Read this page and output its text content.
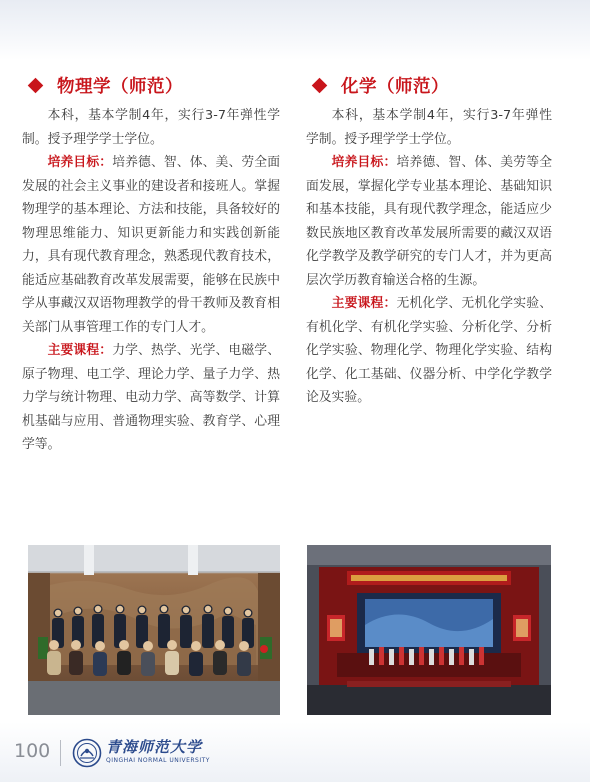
物理学（师范）

本科，基本学制4年，实行3-7年弹性学制。授予理学学士学位。

培养目标：培养德、智、体、美、劳全面发展的社会主义事业的建设者和接班人。掌握物理学的基本理论、方法和技能，具备较好的物理思维能力、知识更新能力和实践创新能力，具有现代教育理念，熟悉现代教育技术，能适应基础教育改革发展需要，能够在民族中学从事藏汉双语物理教学的骨干教师及教育相关部门从事管理工作的专门人才。

主要课程：力学、热学、光学、电磁学、原子物理、电工学、理论力学、量子力学、热力学与统计物理、电动力学、高等数学、计算机基础与应用、普通物理实验、教育学、心理学等。

化学（师范）

本科，基本学制4年，实行3-7年弹性学制。授予理学学士学位。

培养目标：培养德、智、体、美劳等全面发展，掌握化学专业基本理论、基础知识和基本技能，具有现代教学理念，能适应少数民族地区教育改革发展所需要的藏汉双语化学教学及教学研究的专门人才，并为更高层次学历教育输送合格的生源。

主要课程：无机化学、无机化学实验、有机化学、有机化学实验、分析化学、分析化学实验、物理化学、物理化学实验、结构化学、化工基础、仪器分析、中学化学教学论及实验。

100	青海师范大学
QINGHAI NORMAL UNIVERSITY
